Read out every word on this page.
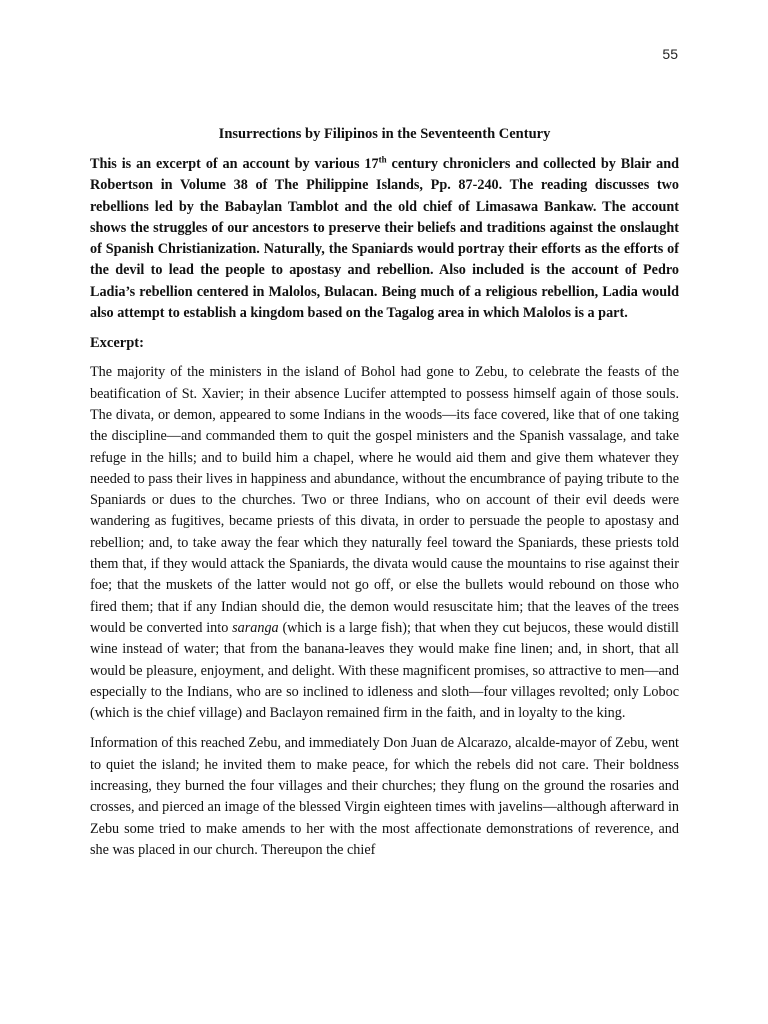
55
Insurrections by Filipinos in the Seventeenth Century

This is an excerpt of an account by various 17th century chroniclers and collected by Blair and Robertson in Volume 38 of The Philippine Islands, Pp. 87-240. The reading discusses two rebellions led by the Babaylan Tamblot and the old chief of Limasawa Bankaw. The account shows the struggles of our ancestors to preserve their beliefs and traditions against the onslaught of Spanish Christianization. Naturally, the Spaniards would portray their efforts as the efforts of the devil to lead the people to apostasy and rebellion. Also included is the account of Pedro Ladia’s rebellion centered in Malolos, Bulacan. Being much of a religious rebellion, Ladia would also attempt to establish a kingdom based on the Tagalog area in which Malolos is a part.

Excerpt:

The majority of the ministers in the island of Bohol had gone to Zebu, to celebrate the feasts of the beatification of St. Xavier; in their absence Lucifer attempted to possess himself again of those souls. The divata, or demon, appeared to some Indians in the woods—its face covered, like that of one taking the discipline—and commanded them to quit the gospel ministers and the Spanish vassalage, and take refuge in the hills; and to build him a chapel, where he would aid them and give them whatever they needed to pass their lives in happiness and abundance, without the encumbrance of paying tribute to the Spaniards or dues to the churches. Two or three Indians, who on account of their evil deeds were wandering as fugitives, became priests of this divata, in order to persuade the people to apostasy and rebellion; and, to take away the fear which they naturally feel toward the Spaniards, these priests told them that, if they would attack the Spaniards, the divata would cause the mountains to rise against their foe; that the muskets of the latter would not go off, or else the bullets would rebound on those who fired them; that if any Indian should die, the demon would resuscitate him; that the leaves of the trees would be converted into saranga (which is a large fish); that when they cut bejucos, these would distill wine instead of water; that from the banana-leaves they would make fine linen; and, in short, that all would be pleasure, enjoyment, and delight. With these magnificent promises, so attractive to men—and especially to the Indians, who are so inclined to idleness and sloth—four villages revolted; only Loboc (which is the chief village) and Baclayon remained firm in the faith, and in loyalty to the king.

Information of this reached Zebu, and immediately Don Juan de Alcarazo, alcalde-mayor of Zebu, went to quiet the island; he invited them to make peace, for which the rebels did not care. Their boldness increasing, they burned the four villages and their churches; they flung on the ground the rosaries and crosses, and pierced an image of the blessed Virgin eighteen times with javelins—although afterward in Zebu some tried to make amends to her with the most affectionate demonstrations of reverence, and she was placed in our church. Thereupon the chief
